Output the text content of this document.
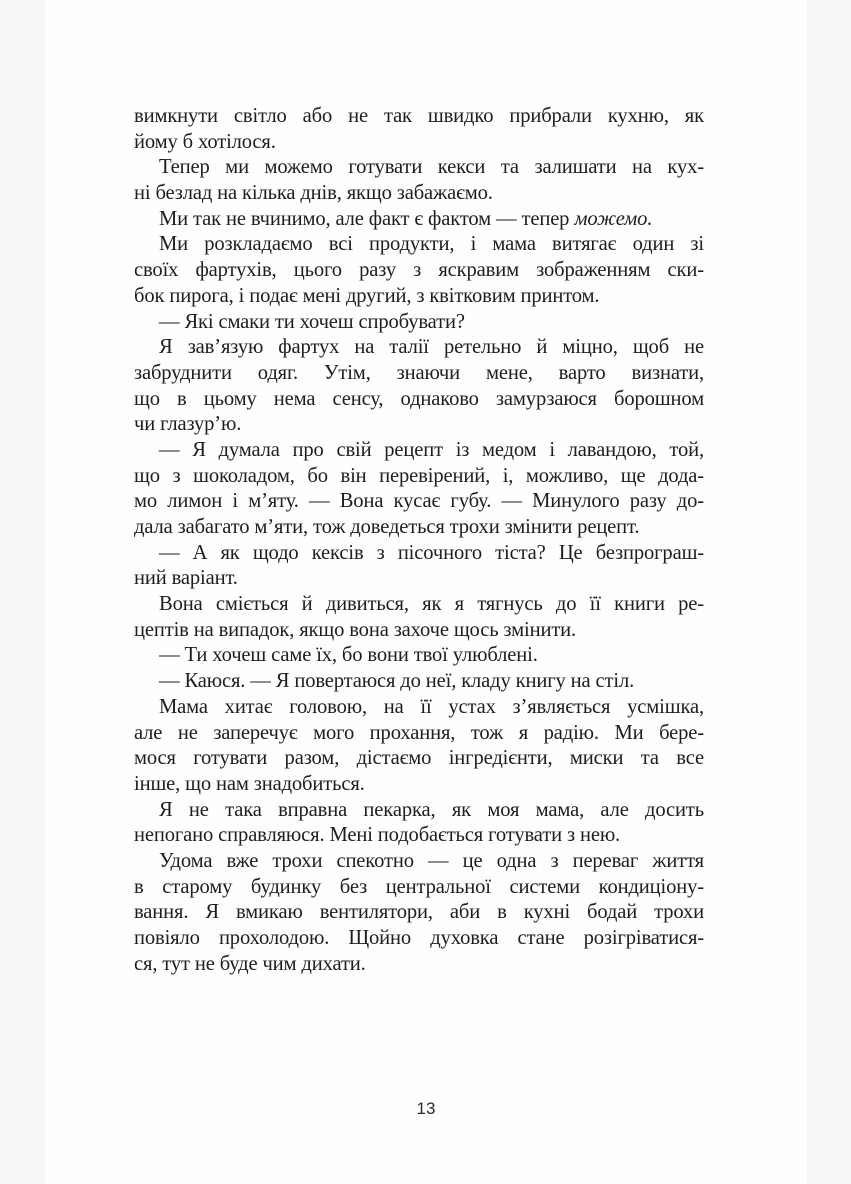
вимкнути світло або не так швидко прибрали кухню, як
йому б хотілося.
Тепер ми можемо готувати кекси та залишати на кух-
ні безлад на кілька днів, якщо забажаємо.
Ми так не вчинимо, але факт є фактом — тепер можемо.
Ми розкладаємо всі продукти, і мама витягає один зі
своїх фартухів, цього разу з яскравим зображенням ски-
бок пирога, і подає мені другий, з квітковим принтом.
— Які смаки ти хочеш спробувати?
Я зав’язую фартух на талії ретельно й міцно, щоб не
забруднити одяг. Утім, знаючи мене, варто визнати,
що в цьому нема сенсу, однаково замурзаюся борошном
чи глазур’ю.
— Я думала про свій рецепт із медом і лавандою, той,
що з шоколадом, бо він перевірений, і, можливо, ще дода-
мо лимон і м’яту. — Вона кусає губу. — Минулого разу до-
дала забагато м’яти, тож доведеться трохи змінити рецепт.
— А як щодо кексів з пісочного тіста? Це безпрограш-
ний варіант.
Вона сміється й дивиться, як я тягнусь до її книги ре-
цептів на випадок, якщо вона захоче щось змінити.
— Ти хочеш саме їх, бо вони твої улюблені.
— Каюся. — Я повертаюся до неї, кладу книгу на стіл.
Мама хитає головою, на її устах з’являється усмішка,
але не заперечує мого прохання, тож я радію. Ми бере-
мося готувати разом, дістаємо інгредієнти, миски та все
інше, що нам знадобиться.
Я не така вправна пекарка, як моя мама, але досить
непогано справляюся. Мені подобається готувати з нею.
Удома вже трохи спекотно — це одна з переваг життя
в старому будинку без центральної системи кондиціону-
вання. Я вмикаю вентилятори, аби в кухні бодай трохи
повіяло прохолодою. Щойно духовка стане розігріватися-
ся, тут не буде чим дихати.
13
